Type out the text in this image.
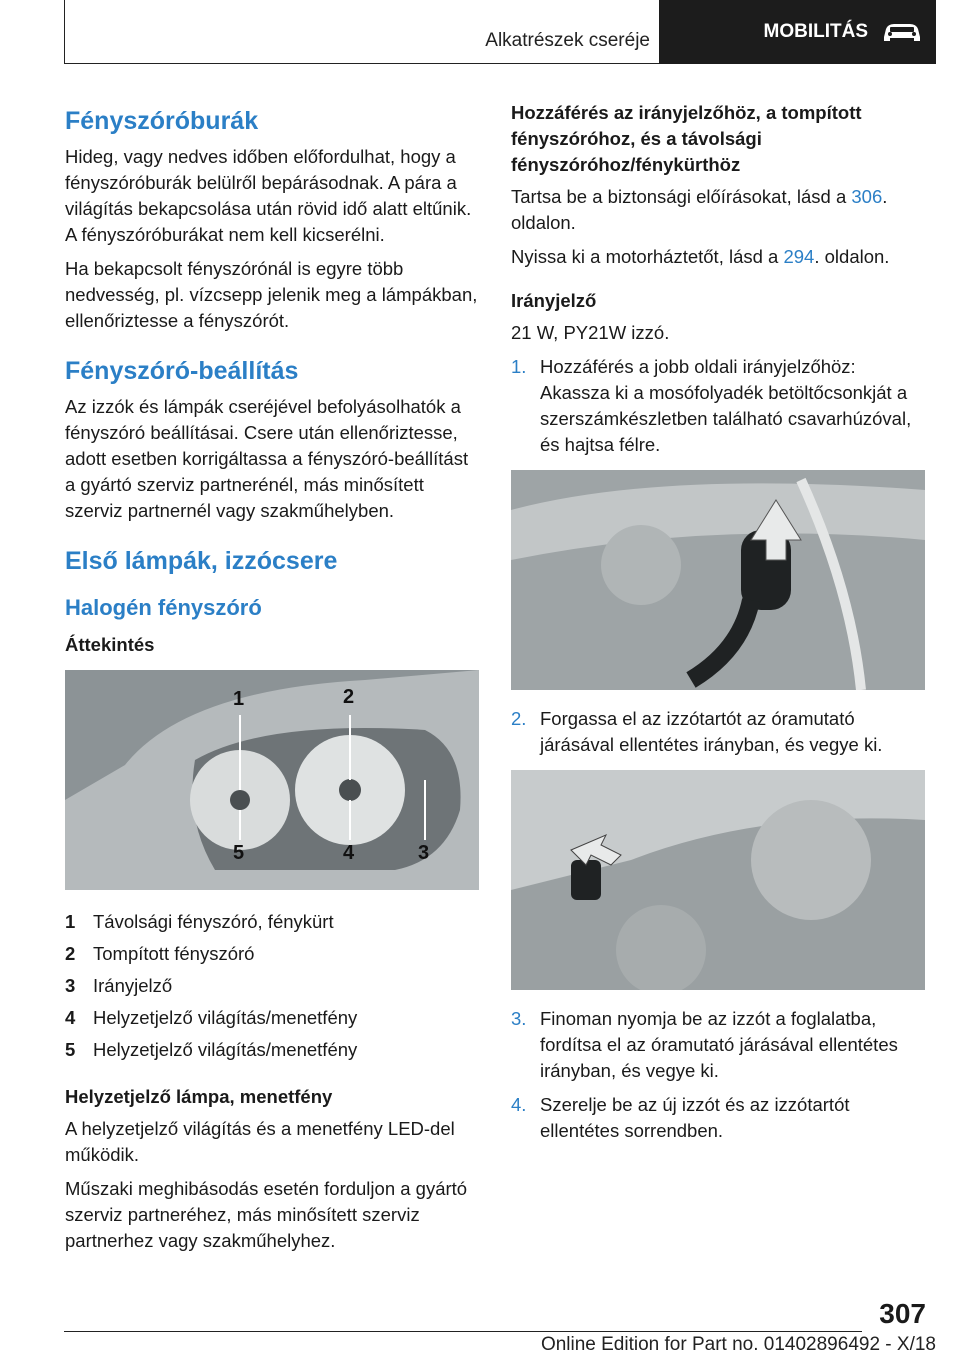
Alkatrészek cseréje	MOBILITÁS
Fényszóróburák

Hideg, vagy nedves időben előfordulhat, hogy a fényszóróburák belülről bepárásodnak. A pára a világítás bekapcsolása után rövid idő alatt eltűnik. A fényszóróburákat nem kell kicserélni.

Ha bekapcsolt fényszórónál is egyre több nedvesség, pl. vízcsepp jelenik meg a lámpákban, ellenőriztesse a fényszórót.

Fényszóró-beállítás

Az izzók és lámpák cseréjével befolyásolhatók a fényszóró beállításai. Csere után ellenőriztesse, adott esetben korrigáltassa a fényszóró-beállítást a gyártó szerviz partnerénél, más minősített szerviz partnernél vagy szakműhelyben.

Első lámpák, izzócsere
Halogén fényszóró
Áttekintés
1	2
5	4	3
1 Távolsági fényszóró, fénykürt
2 Tompított fényszóró
3 Irányjelző
4 Helyzetjelző világítás/menetfény
5 Helyzetjelző világítás/menetfény
Helyzetjelző lámpa, menetfény

A helyzetjelző világítás és a menetfény LED-del működik.

Műszaki meghibásodás esetén forduljon a gyártó szerviz partneréhez, más minősített szerviz partnerhez vagy szakműhelyhez.

Hozzáférés az irányjelzőhöz, a tompított fényszóróhoz, és a távolsági fényszóróhoz/fénykürthöz

Tartsa be a biztonsági előírásokat, lásd a 306. oldalon.

Nyissa ki a motorháztetőt, lásd a 294. oldalon.

Irányjelző

21 W, PY21W izzó.

1. Hozzáférés a jobb oldali irányjelzőhöz: Akasszа ki a mosófolyadék betöltőcsonkját a szerszámkészletben található csavarhúzóval, és hajtsa félre.
2. Forgassa el az izzótartót az óramutató járásával ellentétes irányban, és vegye ki.
3. Finoman nyomja be az izzót a foglalatba, fordítsa el az óramutató járásával ellentétes irányban, és vegye ki.
4. Szerelje be az új izzót és az izzótartót ellentétes sorrendben.
307
Online Edition for Part no. 01402896492 - X/18
